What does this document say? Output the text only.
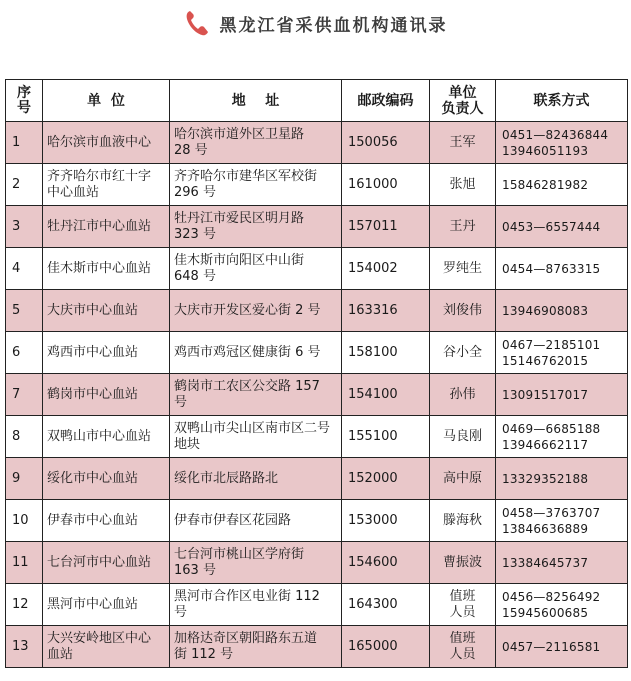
黑龙江省采供血机构通讯录
序
号	单  位	地    址	邮政编码	单位
负责人	联系方式
1	哈尔滨市血液中心	哈尔滨市道外区卫星路
28 号	150056	王军	0451—82436844
13946051193

2	齐齐哈尔市红十字
中心血站	齐齐哈尔市建华区军校街
296 号	161000	张旭	15846281982

3	牡丹江市中心血站	牡丹江市爱民区明月路
323 号	157011	王丹	0453—6557444

4	佳木斯市中心血站	佳木斯市向阳区中山街
648 号	154002	罗纯生	0454—8763315

5	大庆市中心血站	大庆市开发区爱心街 2 号	163316	刘俊伟	13946908083

6	鸡西市中心血站	鸡西市鸡冠区健康街 6 号	158100	谷小全	0467—2185101
15146762015

7	鹤岗市中心血站	鹤岗市工农区公交路 157
号	154100	孙伟	13091517017

8	双鸭山市中心血站	双鸭山市尖山区南市区二号
地块	155100	马良刚	0469—6685188
13946662117

9	绥化市中心血站	绥化市北辰路路北	152000	高中原	13329352188

10	伊春市中心血站	伊春市伊春区花园路	153000	滕海秋	0458—3763707
13846636889

11	七台河市中心血站	七台河市桃山区学府街
163 号	154600	曹振波	13384645737

12	黑河市中心血站	黑河市合作区电业街 112
号	164300	值班
人员	0456—8256492
15945600685

13	大兴安岭地区中心
血站	加格达奇区朝阳路东五道
街 112 号	165000	值班
人员	0457—2116581
